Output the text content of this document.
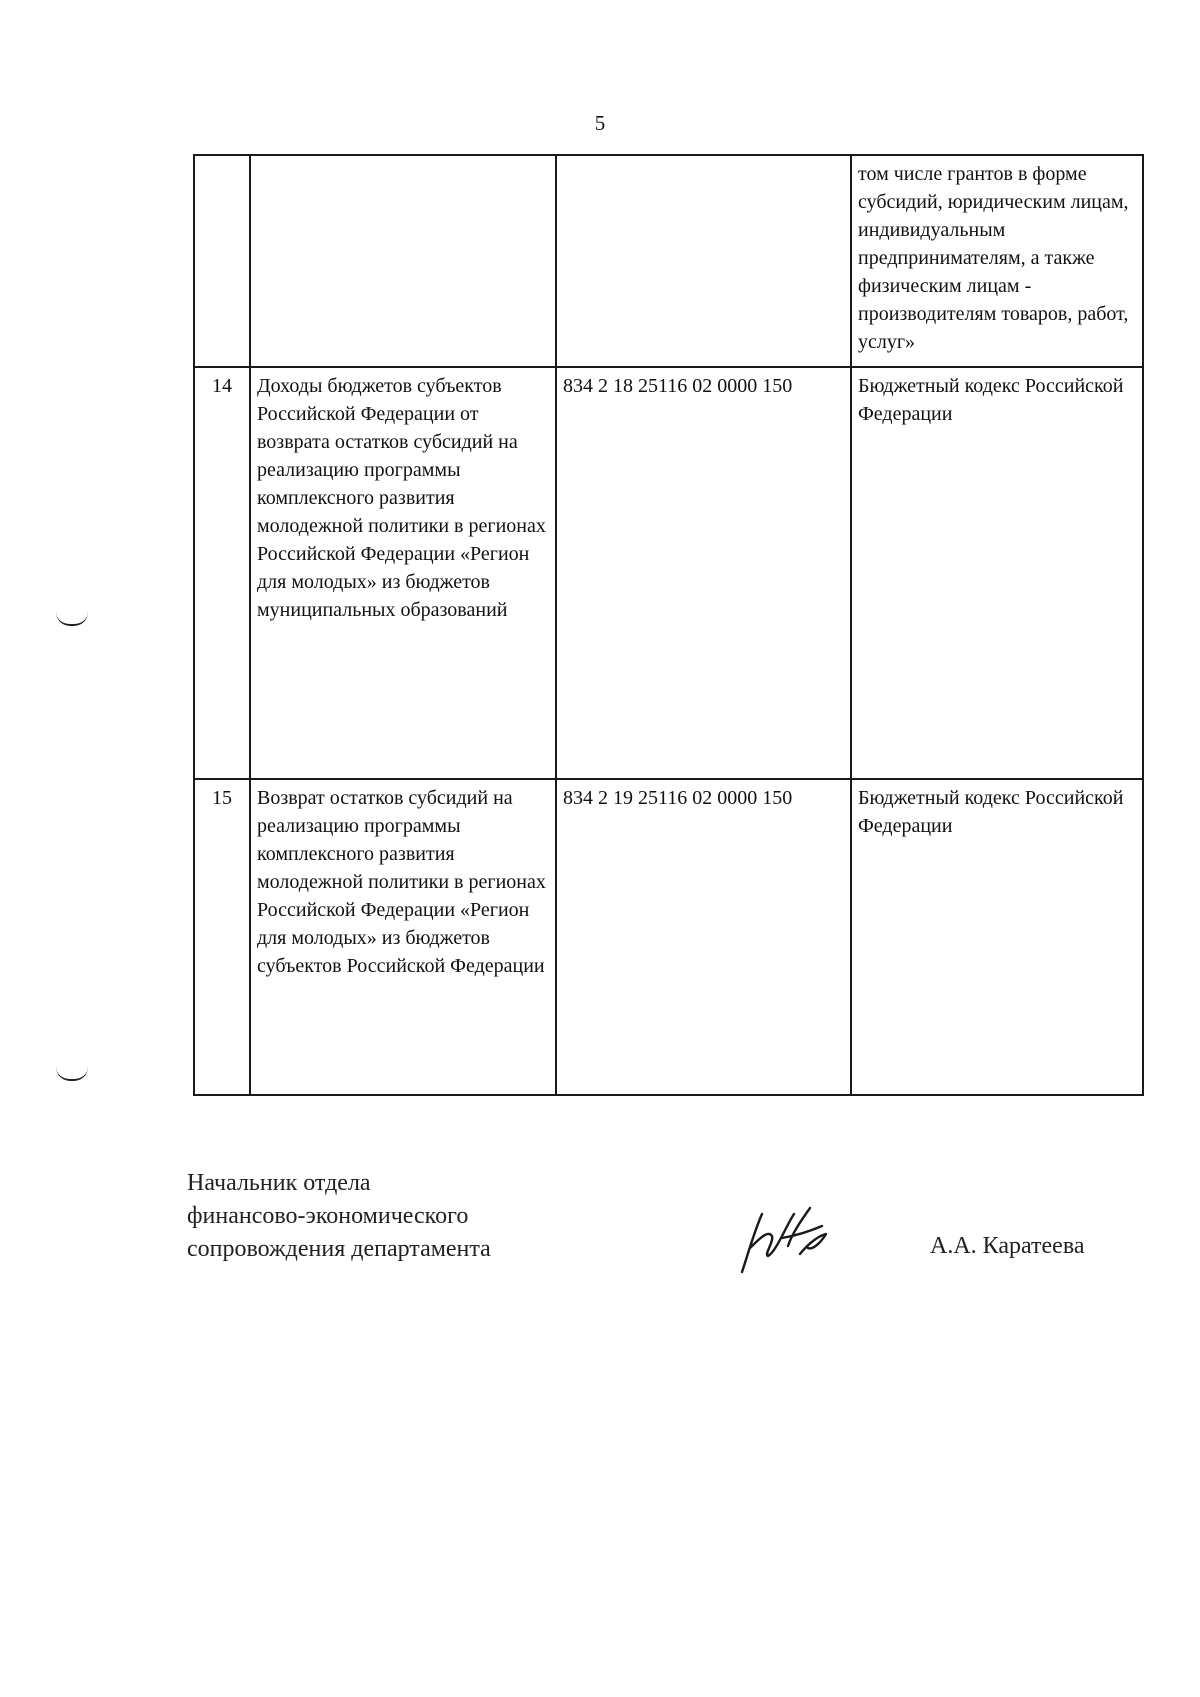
5
			том числе грантов в форме субсидий, юридическим лицам, индивидуальным предпринимателям, а также физическим лицам - производителям товаров, работ, услуг»
14	Доходы бюджетов субъектов Российской Федерации от возврата остатков субсидий на реализацию программы комплексного развития молодежной политики в регионах Российской Федерации «Регион для молодых» из бюджетов муниципальных образований	834 2 18 25116 02 0000 150	Бюджетный кодекс Российской Федерации
15	Возврат остатков субсидий на реализацию программы комплексного развития молодежной политики в регионах Российской Федерации «Регион для молодых» из бюджетов субъектов Российской Федерации	834 2 19 25116 02 0000 150	Бюджетный кодекс Российской Федерации
Начальник отдела
финансово-экономического
сопровождения департамента	А.А. Каратеева
